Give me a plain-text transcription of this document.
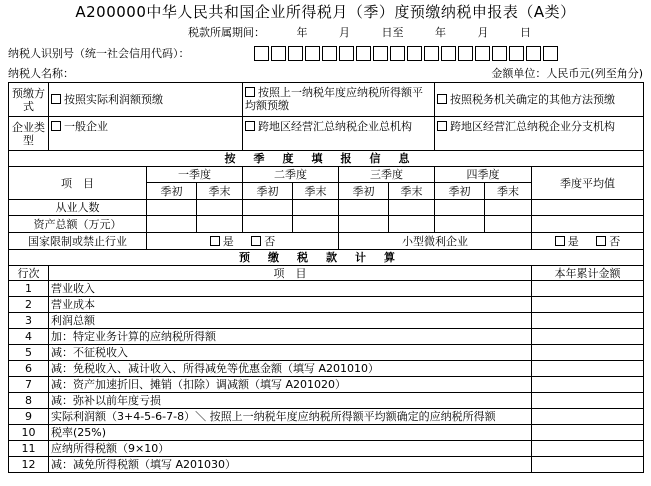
A200000中华人民共和国企业所得税月（季）度预缴纳税申报表（A类）
税款所属期间：	年	月	日至	年	月	日
纳税人识别号（统一社会信用代码）：
纳税人名称：	金额单位：人民币元(列至角分)
预缴方式	按照实际利润额预缴			按照上一纳税年度应纳税所得额平均额预缴				按照税务机关确定的其他方法预缴		
企业类型	一般企业			跨地区经营汇总纳税企业总机构				跨地区经营汇总纳税企业分支机构		
按季度填报信息										
项　目		一季度		二季度		三季度		四季度		季度平均值
		季初	季末	季初	季末	季初	季末	季初	季末	
从业人数										
资产总额（万元）										
国家限制或禁止行业		是 否				小型微利企业				是 否
预缴税款计算										
行次	项　目									本年累计金额
1	营业收入									
2	营业成本									
3	利润总额									
4	加：特定业务计算的应纳税所得额									
5	减：不征税收入									
6	减：免税收入、减计收入、所得减免等优惠金额（填写 A201010）									
7	减：资产加速折旧、摊销（扣除）调减额（填写 A201020）									
8	减：弥补以前年度亏损									
9	实际利润额（3+4-5-6-7-8）＼ 按照上一纳税年度应纳税所得额平均额确定的应纳税所得额									
10	税率(25%)									
11	应纳所得税额（9×10）									
12	减：减免所得税额（填写 A201030）									
